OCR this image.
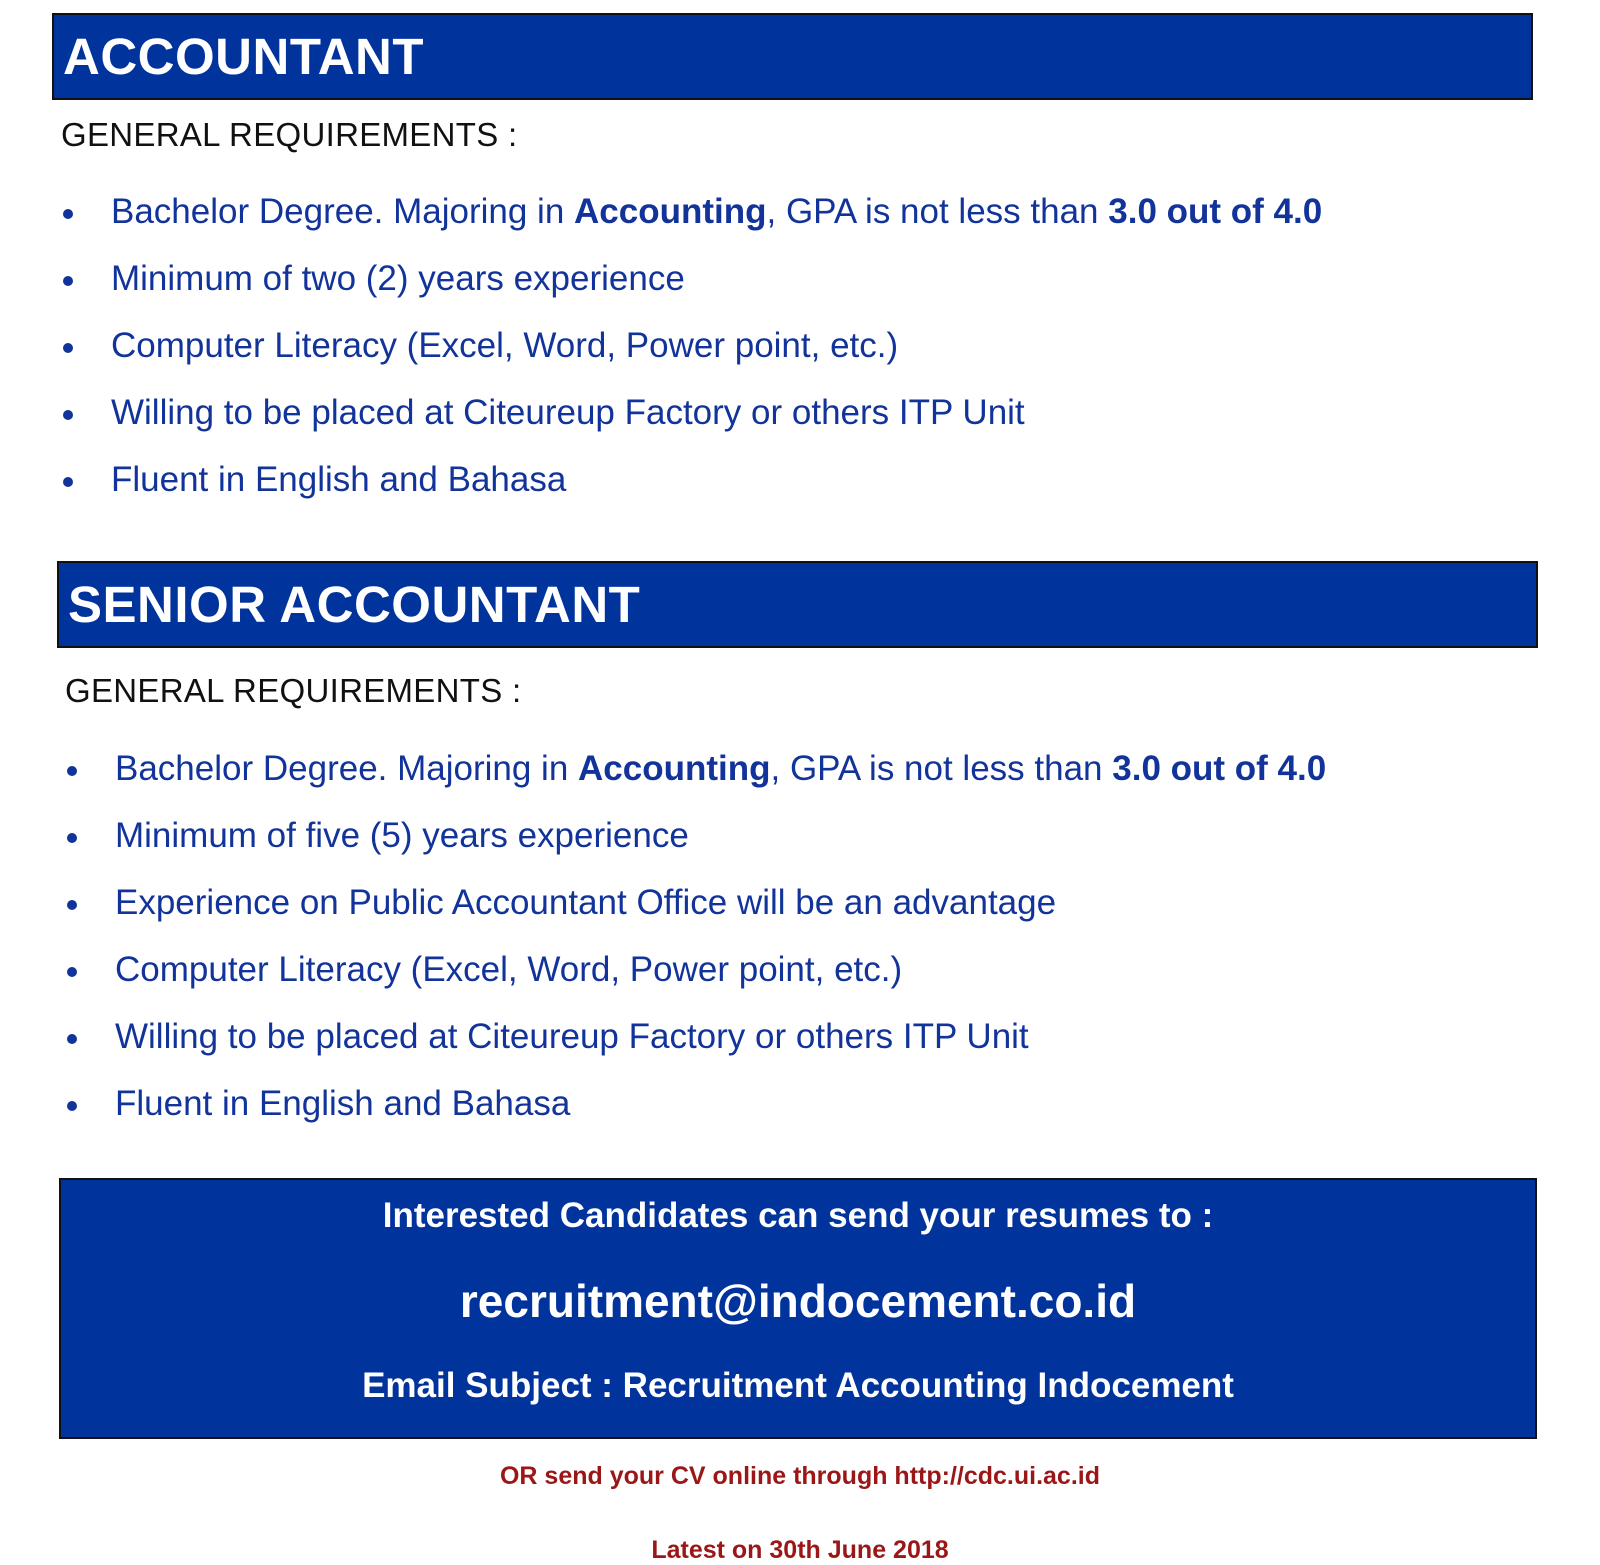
ACCOUNTANT
GENERAL REQUIREMENTS :
Bachelor Degree. Majoring in Accounting, GPA is not less than 3.0 out of 4.0
Minimum of two (2) years experience
Computer Literacy (Excel, Word, Power point, etc.)
Willing to be placed at Citeureup Factory or others ITP Unit
Fluent in English and Bahasa
SENIOR ACCOUNTANT
GENERAL REQUIREMENTS :
Bachelor Degree. Majoring in Accounting, GPA is not less than 3.0 out of 4.0
Minimum of five (5) years experience
Experience on Public Accountant Office will be an advantage
Computer Literacy (Excel, Word, Power point, etc.)
Willing to be placed at Citeureup Factory or others ITP Unit
Fluent in English and Bahasa
Interested Candidates can send your resumes to :
recruitment@indocement.co.id
Email Subject : Recruitment Accounting Indocement
OR send your CV online through http://cdc.ui.ac.id
Latest on 30th June 2018
